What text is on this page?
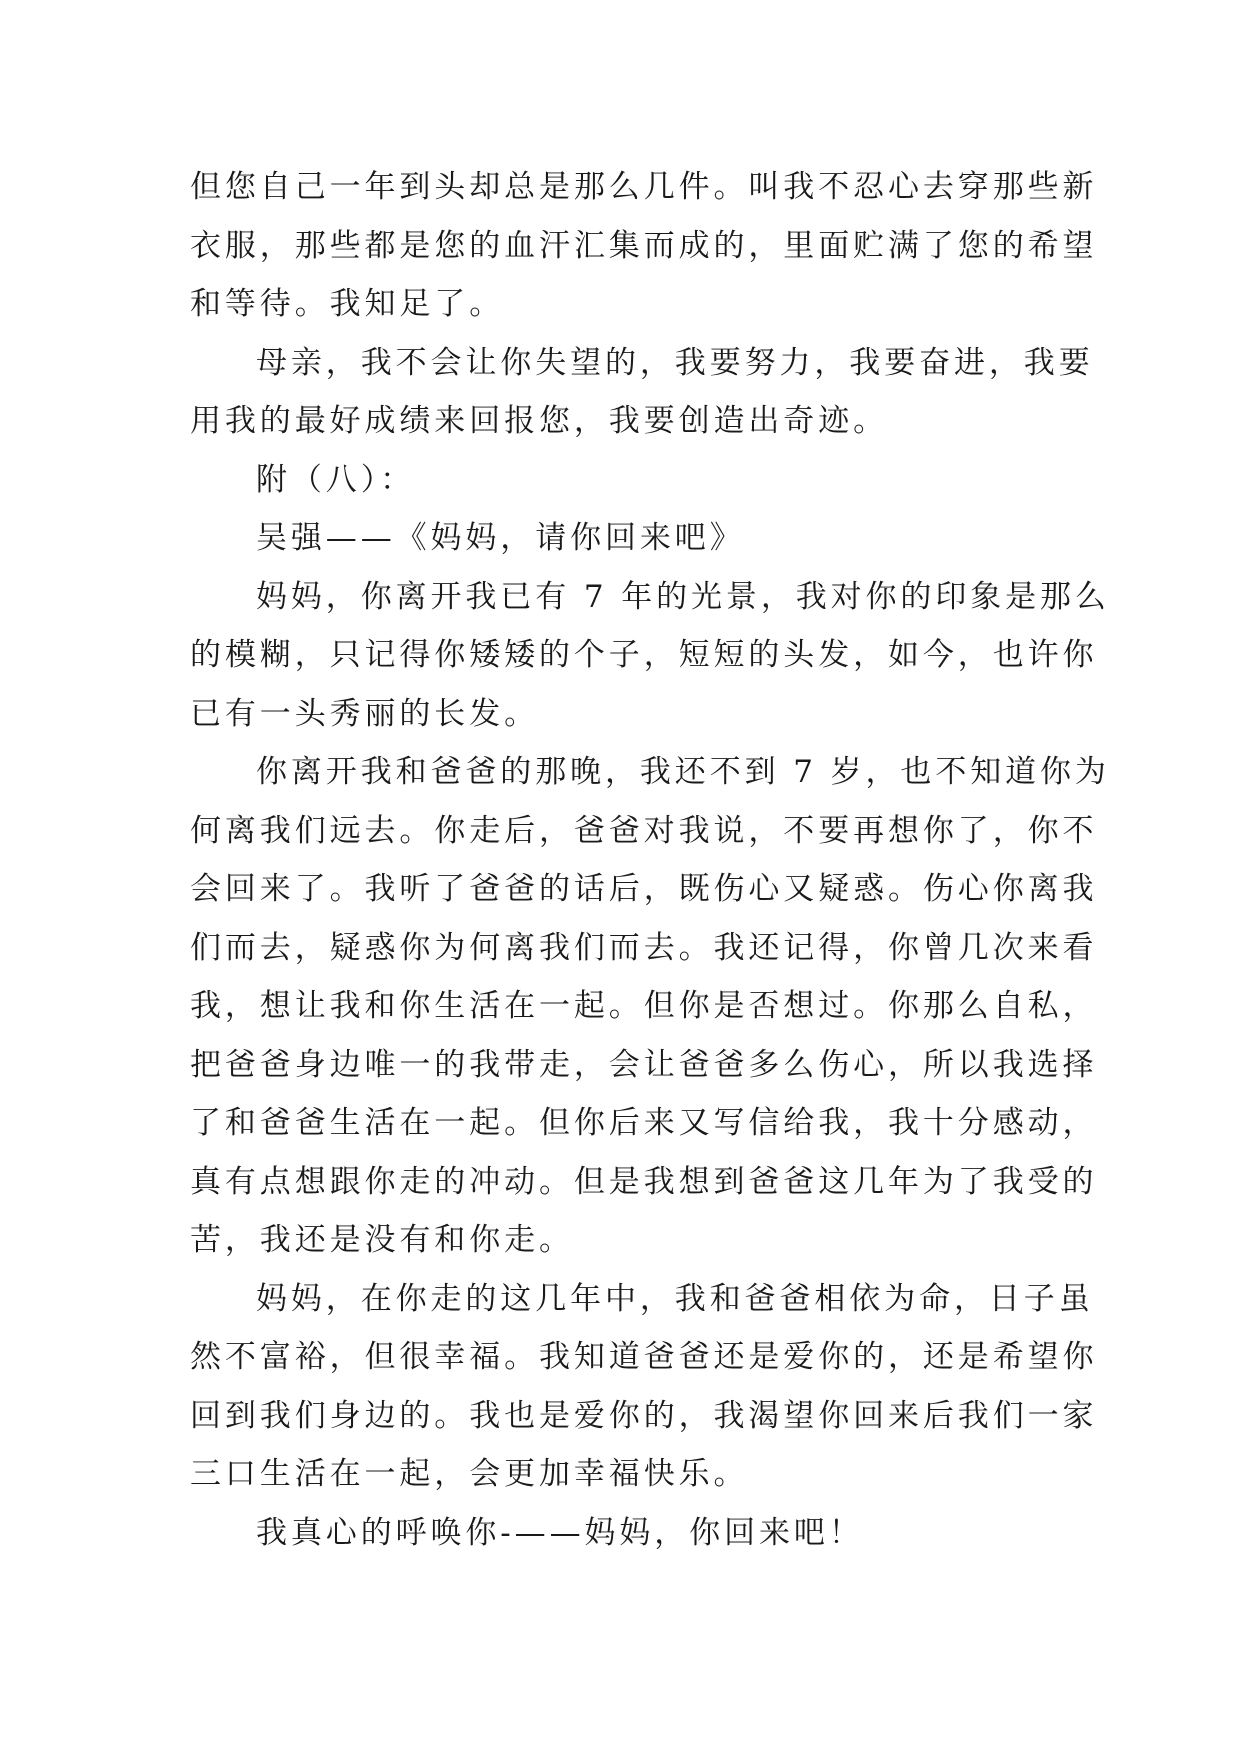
但您自己一年到头却总是那么几件。叫我不忍心去穿那些新
衣服，那些都是您的血汗汇集而成的，里面贮满了您的希望
和等待。我知足了。
母亲，我不会让你失望的，我要努力，我要奋进，我要
用我的最好成绩来回报您，我要创造出奇迹。
附（八）：
吴强——《妈妈，请你回来吧》
妈妈，你离开我已有 7 年的光景，我对你的印象是那么
的模糊，只记得你矮矮的个子，短短的头发，如今，也许你
已有一头秀丽的长发。
你离开我和爸爸的那晚，我还不到 7 岁，也不知道你为
何离我们远去。你走后，爸爸对我说，不要再想你了，你不
会回来了。我听了爸爸的话后，既伤心又疑惑。伤心你离我
们而去，疑惑你为何离我们而去。我还记得，你曾几次来看
我，想让我和你生活在一起。但你是否想过。你那么自私，
把爸爸身边唯一的我带走，会让爸爸多么伤心，所以我选择
了和爸爸生活在一起。但你后来又写信给我，我十分感动，
真有点想跟你走的冲动。但是我想到爸爸这几年为了我受的
苦，我还是没有和你走。
妈妈，在你走的这几年中，我和爸爸相依为命，日子虽
然不富裕，但很幸福。我知道爸爸还是爱你的，还是希望你
回到我们身边的。我也是爱你的，我渴望你回来后我们一家
三口生活在一起，会更加幸福快乐。
我真心的呼唤你-——妈妈，你回来吧！
